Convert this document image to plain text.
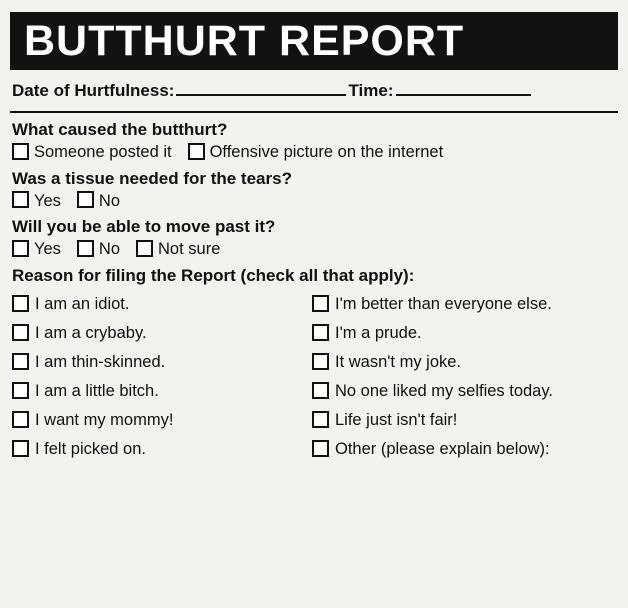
BUTTHURT REPORT
Date of Hurtfulness:	Time:
What caused the butthurt?
Someone posted it Offensive picture on the internet
Was a tissue needed for the tears?
Yes No
Will you be able to move past it?
Yes No Not sure
Reason for filing the Report (check all that apply):
I am an idiot.
I am a crybaby.
I am thin-skinned.
I am a little bitch.
I want my mommy!
I felt picked on.
I'm better than everyone else.
I'm a prude.
It wasn't my joke.
No one liked my selfies today.
Life just isn't fair!
Other (please explain below):
